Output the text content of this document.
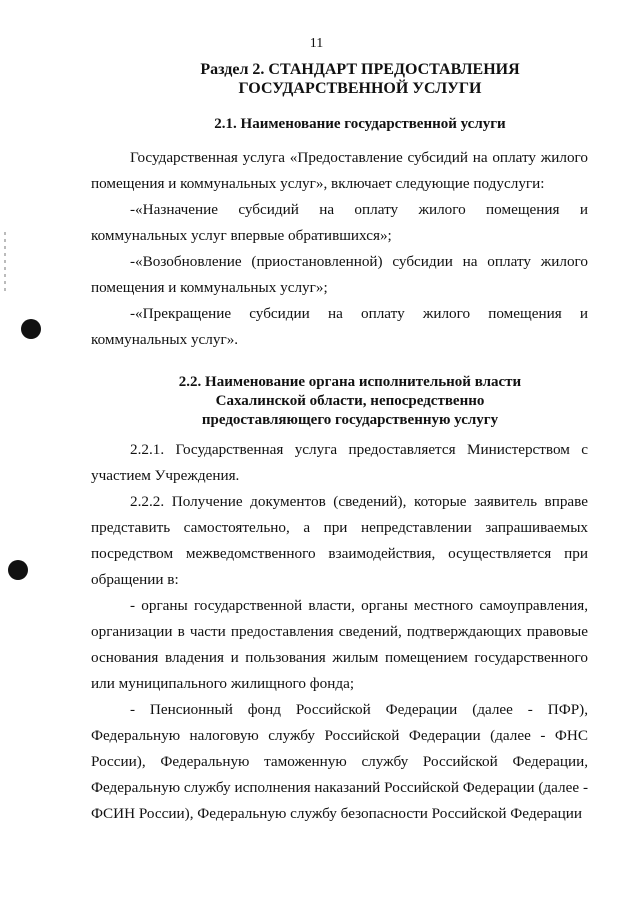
11
Раздел 2. СТАНДАРТ ПРЕДОСТАВЛЕНИЯ
ГОСУДАРСТВЕННОЙ УСЛУГИ
2.1. Наименование государственной услуги

Государственная услуга «Предоставление субсидий на оплату жилого помещения и коммунальных услуг», включает следующие подуслуги:

-«Назначение субсидий на оплату жилого помещения и коммунальных услуг впервые обратившихся»;

-«Возобновление (приостановленной) субсидии на оплату жилого помещения и коммунальных услуг»;

-«Прекращение субсидии на оплату жилого помещения и коммунальных услуг».

2.2. Наименование органа исполнительной власти
Сахалинской области, непосредственно
предоставляющего государственную услугу

2.2.1. Государственная услуга предоставляется Министерством с участием Учреждения.

2.2.2. Получение документов (сведений), которые заявитель вправе представить самостоятельно, а при непредставлении запрашиваемых посредством межведомственного взаимодействия, осуществляется при обращении в:

- органы государственной власти, органы местного самоуправления, организации в части предоставления сведений, подтверждающих правовые основания владения и пользования жилым помещением государственного или муниципального жилищного фонда;

- Пенсионный фонд Российской Федерации (далее - ПФР), Федеральную налоговую службу Российской Федерации (далее - ФНС России), Федеральную таможенную службу Российской Федерации, Федеральную службу исполнения наказаний Российской Федерации (далее - ФСИН России), Федеральную службу безопасности Российской Федерации
